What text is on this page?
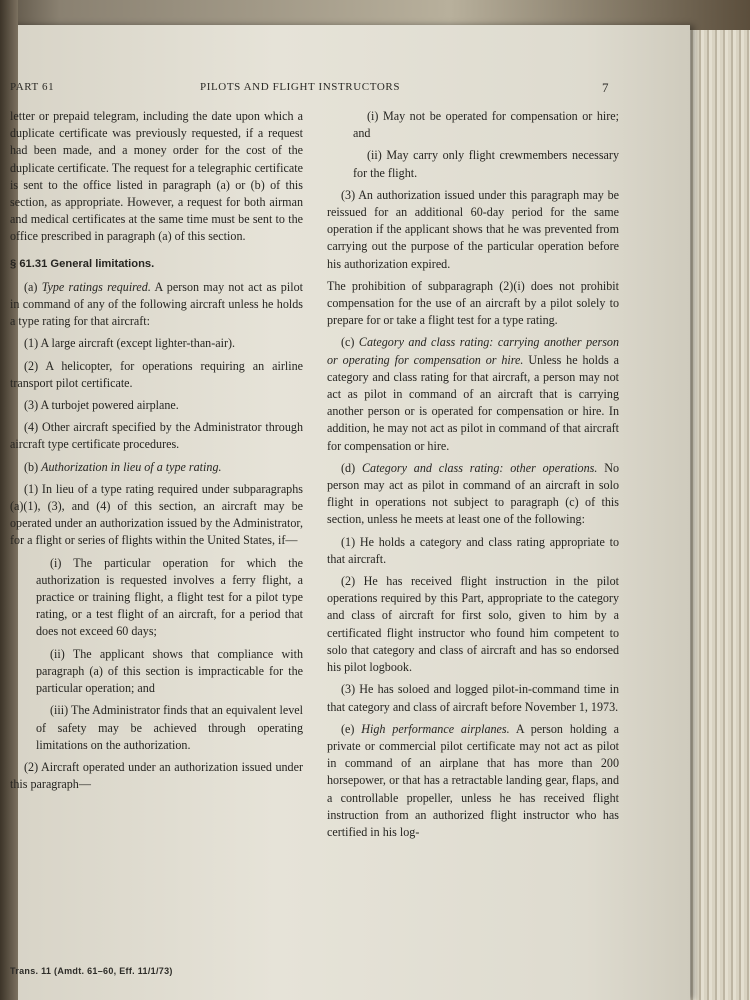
PART 61	PILOTS AND FLIGHT INSTRUCTORS	7

letter or prepaid telegram, including the date upon which a duplicate certificate was previously requested, if a request had been made, and a money order for the cost of the duplicate certificate. The request for a telegraphic certificate is sent to the office listed in paragraph (a) or (b) of this section, as appropriate. However, a request for both airman and medical certificates at the same time must be sent to the office prescribed in paragraph (a) of this section.

§ 61.31 General limitations.

(a) Type ratings required. A person may not act as pilot in command of any of the following aircraft unless he holds a type rating for that aircraft:

(1) A large aircraft (except lighter-than-air).

(2) A helicopter, for operations requiring an airline transport pilot certificate.

(3) A turbojet powered airplane.

(4) Other aircraft specified by the Administrator through aircraft type certificate procedures.

(b) Authorization in lieu of a type rating.

(1) In lieu of a type rating required under subparagraphs (a)(1), (3), and (4) of this section, an aircraft may be operated under an authorization issued by the Administrator, for a flight or series of flights within the United States, if—

(i) The particular operation for which the authorization is requested involves a ferry flight, a practice or training flight, a flight test for a pilot type rating, or a test flight of an aircraft, for a period that does not exceed 60 days;

(ii) The applicant shows that compliance with paragraph (a) of this section is impracticable for the particular operation; and

(iii) The Administrator finds that an equivalent level of safety may be achieved through operating limitations on the authorization.

(2) Aircraft operated under an authorization issued under this paragraph—

(i) May not be operated for compensation or hire; and

(ii) May carry only flight crewmembers necessary for the flight.

(3) An authorization issued under this paragraph may be reissued for an additional 60-day period for the same operation if the applicant shows that he was prevented from carrying out the purpose of the particular operation before his authorization expired.

The prohibition of subparagraph (2)(i) does not prohibit compensation for the use of an aircraft by a pilot solely to prepare for or take a flight test for a type rating.

(c) Category and class rating: carrying another person or operating for compensation or hire. Unless he holds a category and class rating for that aircraft, a person may not act as pilot in command of an aircraft that is carrying another person or is operated for compensation or hire. In addition, he may not act as pilot in command of that aircraft for compensation or hire.

(d) Category and class rating: other operations. No person may act as pilot in command of an aircraft in solo flight in operations not subject to paragraph (c) of this section, unless he meets at least one of the following:

(1) He holds a category and class rating appropriate to that aircraft.

(2) He has received flight instruction in the pilot operations required by this Part, appropriate to the category and class of aircraft for first solo, given to him by a certificated flight instructor who found him competent to solo that category and class of aircraft and has so endorsed his pilot logbook.

(3) He has soloed and logged pilot-in-command time in that category and class of aircraft before November 1, 1973.

(e) High performance airplanes. A person holding a private or commercial pilot certificate may not act as pilot in command of an airplane that has more than 200 horsepower, or that has a retractable landing gear, flaps, and a controllable propeller, unless he has received flight instruction from an authorized flight instructor who has certified in his log-

Trans. 11 (Amdt. 61–60, Eff. 11/1/73)
